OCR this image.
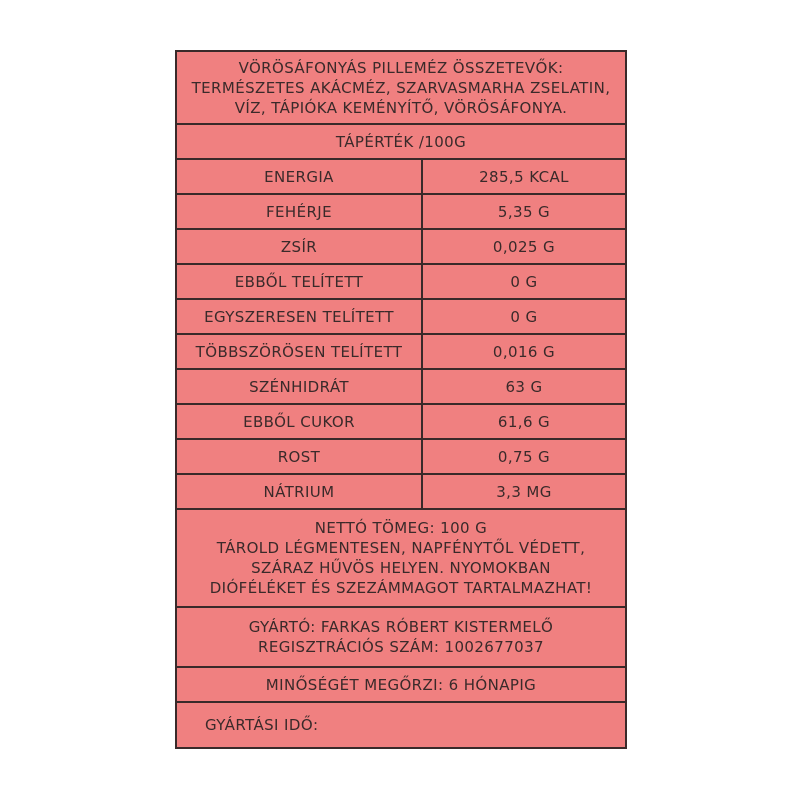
VÖRÖSÁFONYÁS PILLEMÉZ ÖSSZETEVŐK:
TERMÉSZETES AKÁCMÉZ, SZARVASMARHA ZSELATIN,
VÍZ, TÁPIÓKA KEMÉNYÍTŐ, VÖRÖSÁFONYA.
TÁPÉRTÉK /100G
ENERGIA	285,5 KCAL
FEHÉRJE	5,35 G
ZSÍR	0,025 G
EBBŐL TELÍTETT	0 G
EGYSZERESEN TELÍTETT	0 G
TÖBBSZÖRÖSEN TELÍTETT	0,016 G
SZÉNHIDRÁT	63 G
EBBŐL CUKOR	61,6 G
ROST	0,75 G
NÁTRIUM	3,3 MG
NETTÓ TÖMEG: 100 G
TÁROLD LÉGMENTESEN, NAPFÉNYTŐL VÉDETT,
SZÁRAZ HŰVÖS HELYEN. NYOMOKBAN
DIÓFÉLÉKET ÉS SZEZÁMMAGOT TARTALMAZHAT!
GYÁRTÓ: FARKAS RÓBERT KISTERMELŐ
REGISZTRÁCIÓS SZÁM: 1002677037
MINŐSÉGÉT MEGŐRZI: 6 HÓNAPIG
GYÁRTÁSI IDŐ:
